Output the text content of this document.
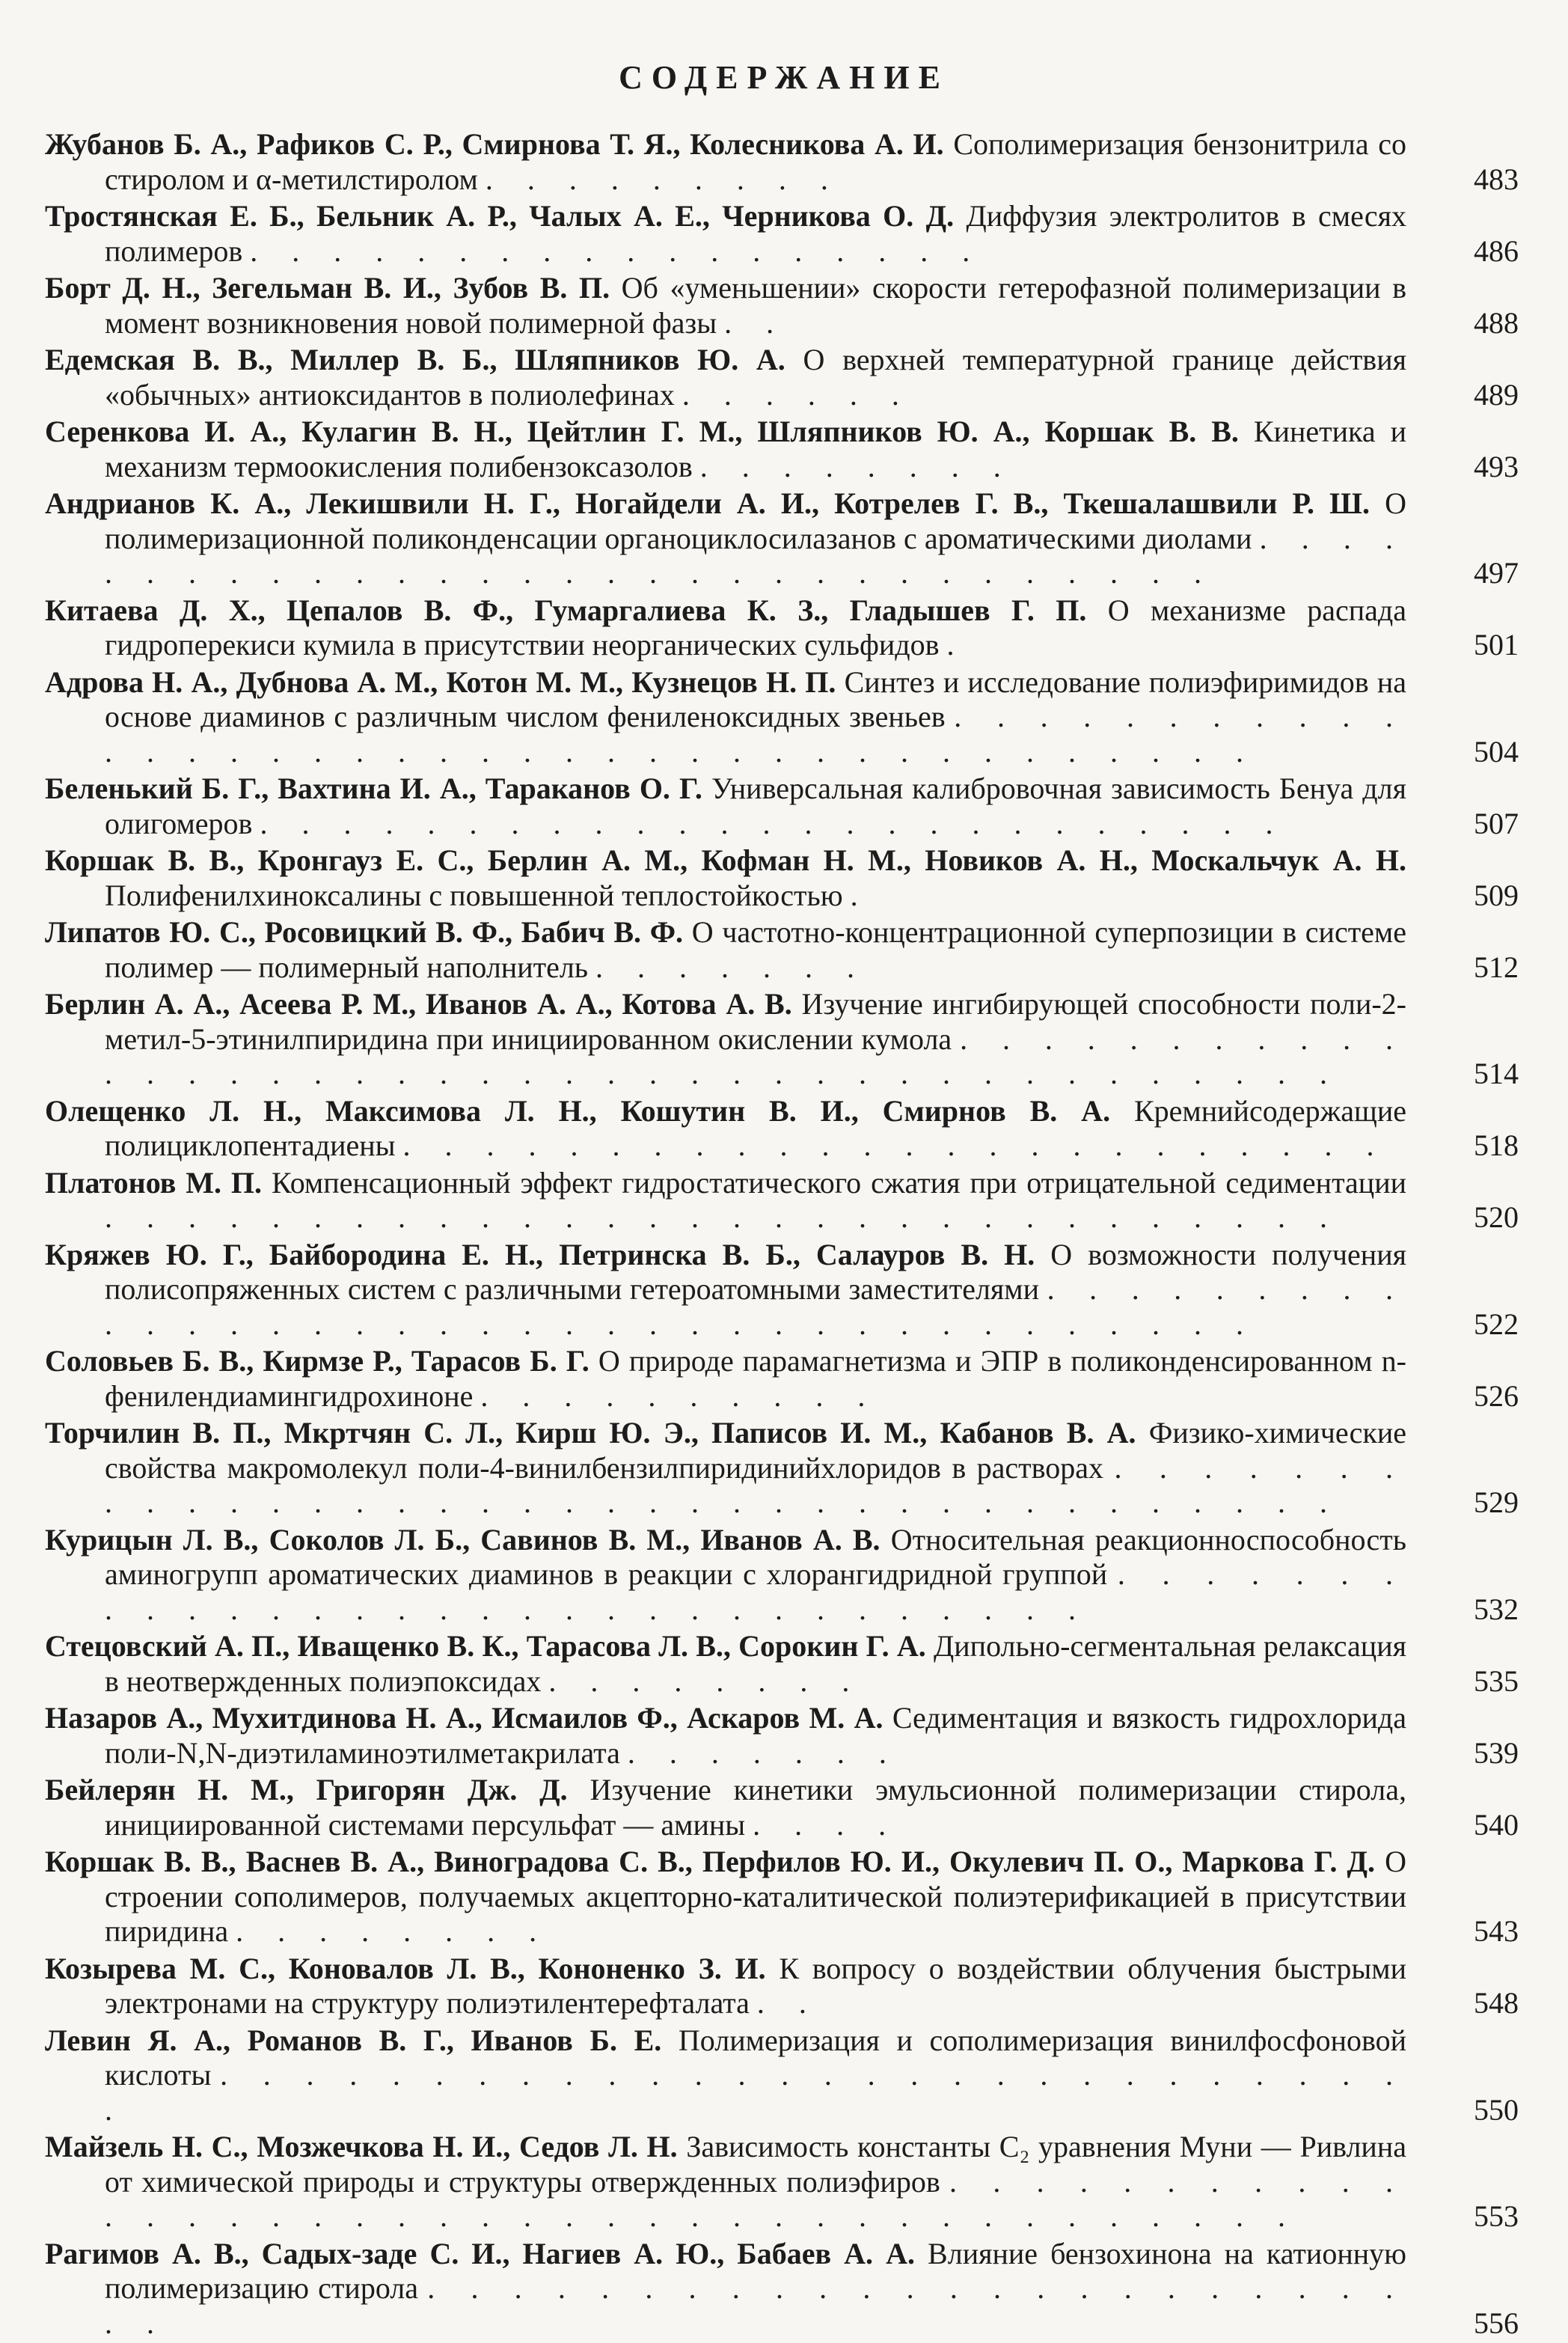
СОДЕРЖАНИЕ
Жубанов Б. А., Рафиков С. Р., Смирнова Т. Я., Колесникова А. И. Сополимеризация бензонитрила со стиролом и α-метилстиролом . . . . . . . . .	483
Тростянская Е. Б., Бельник А. Р., Чалых А. Е., Черникова О. Д. Диффузия электролитов в смесях полимеров . . . . . . . . . . . . . . . . . .	486
Борт Д. Н., Зегельман В. И., Зубов В. П. Об «уменьшении» скорости гетерофазной полимеризации в момент возникновения новой полимерной фазы . .	488
Едемская В. В., Миллер В. Б., Шляпников Ю. А. О верхней температурной границе действия «обычных» антиоксидантов в полиолефинах . . . . . .	489
Серенкова И. А., Кулагин В. Н., Цейтлин Г. М., Шляпников Ю. А., Коршак В. В. Кинетика и механизм термоокисления полибензоксазолов . . . . . . . .	493
Андрианов К. А., Лекишвили Н. Г., Ногайдели А. И., Котрелев Г. В., Ткешалашвили Р. Ш. О полимеризационной поликонденсации органоциклосилазанов с ароматическими диолами . . . . . . . . . . . . . . . . . . . . . . . . . . . . . . .	497
Китаева Д. Х., Цепалов В. Ф., Гумаргалиева К. З., Гладышев Г. П. О механизме распада гидроперекиси кумила в присутствии неорганических сульфидов .	501
Адрова Н. А., Дубнова А. М., Котон М. М., Кузнецов Н. П. Синтез и исследование полиэфиримидов на основе диаминов с различным числом фениленоксидных звеньев . . . . . . . . . . . . . . . . . . . . . . . . . . . . . . . . . . . . . . .	504
Беленький Б. Г., Вахтина И. А., Тараканов О. Г. Универсальная калибровочная зависимость Бенуа для олигомеров . . . . . . . . . . . . . . . . . . . . . . . . .	507
Коршак В. В., Кронгауз Е. С., Берлин А. М., Кофман Н. М., Новиков А. Н., Москальчук А. Н. Полифенилхиноксалины с повышенной теплостойкостью .	509
Липатов Ю. С., Росовицкий В. Ф., Бабич В. Ф. О частотно-концентрационной суперпозиции в системе полимер — полимерный наполнитель . . . . . . .	512
Берлин А. А., Асеева Р. М., Иванов А. А., Котова А. В. Изучение ингибирующей способности поли-2-метил-5-этинилпиридина при инициированном окислении кумола . . . . . . . . . . . . . . . . . . . . . . . . . . . . . . . . . . . . . . . . .	514
Олещенко Л. Н., Максимова Л. Н., Кошутин В. И., Смирнов В. А. Кремнийсодержащие полициклопентадиены . . . . . . . . . . . . . . . . . . . . . . . .	518
Платонов М. П. Компенсационный эффект гидростатического сжатия при отрицательной седиментации . . . . . . . . . . . . . . . . . . . . . . . . . . . . . .	520
Кряжев Ю. Г., Байбородина Е. Н., Петринска В. Б., Салауров В. Н. О возможности получения полисопряженных систем с различными гетероатомными заместителями . . . . . . . . . . . . . . . . . . . . . . . . . . . . . . . . . . . . .	522
Соловьев Б. В., Кирмзе Р., Тарасов Б. Г. О природе парамагнетизма и ЭПР в поликонденсированном n-фенилендиамингидрохиноне . . . . . . . . . .	526
Торчилин В. П., Мкртчян С. Л., Кирш Ю. Э., Паписов И. М., Кабанов В. А. Физико-химические свойства макромолекул поли-4-винилбензилпиридинийхлоридов в растворах . . . . . . . . . . . . . . . . . . . . . . . . . . . . . . . . . . . . .	529
Курицын Л. В., Соколов Л. Б., Савинов В. М., Иванов А. В. Относительная реакционноспособность аминогрупп ароматических диаминов в реакции с хлорангидридной группой . . . . . . . . . . . . . . . . . . . . . . . . . . . . . . .	532
Стецовский А. П., Иващенко В. К., Тарасова Л. В., Сорокин Г. А. Дипольно-сегментальная релаксация в неотвержденных полиэпоксидах . . . . . . . .	535
Назаров А., Мухитдинова Н. А., Исмаилов Ф., Аскаров М. А. Седиментация и вязкость гидрохлорида поли-N,N-диэтиламиноэтилметакрилата . . . . . . .	539
Бейлерян Н. М., Григорян Дж. Д. Изучение кинетики эмульсионной полимеризации стирола, инициированной системами персульфат — амины . . . .	540
Коршак В. В., Васнев В. А., Виноградова С. В., Перфилов Ю. И., Окулевич П. О., Маркова Г. Д. О строении сополимеров, получаемых акцепторно-каталитической полиэтерификацией в присутствии пиридина . . . . . . . .	543
Козырева М. С., Коновалов Л. В., Кононенко З. И. К вопросу о воздействии облучения быстрыми электронами на структуру полиэтилентерефталата . .	548
Левин Я. А., Романов В. Г., Иванов Б. Е. Полимеризация и сополимеризация винилфосфоновой кислоты . . . . . . . . . . . . . . . . . . . . . . . . . . . . .	550
Майзель Н. С., Мозжечкова Н. И., Седов Л. Н. Зависимость константы C₂ уравнения Муни — Ривлина от химической природы и структуры отвержденных полиэфиров . . . . . . . . . . . . . . . . . . . . . . . . . . . . . . . . . . . . . . . .	553
Рагимов А. В., Садых-заде С. И., Нагиев А. Ю., Бабаев А. А. Влияние бензохинона на катионную полимеризацию стирола . . . . . . . . . . . . . . . . . . . . . . . . .	556
